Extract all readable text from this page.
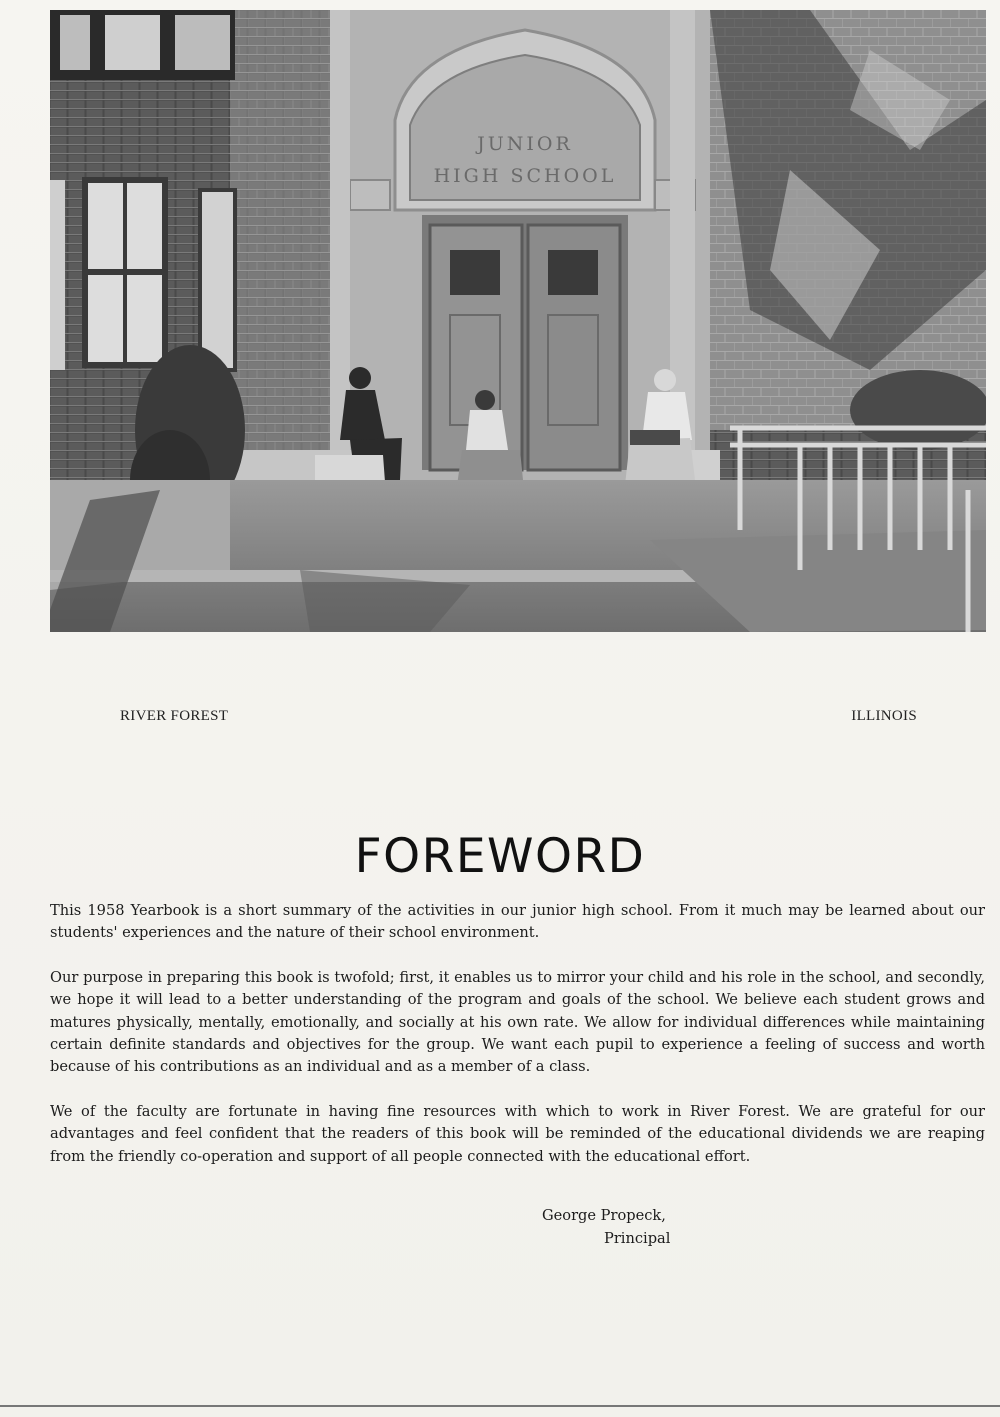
JUNIOR
HIGH SCHOOL
RIVER FOREST	ILLINOIS
FOREWORD

This 1958 Yearbook is a short summary of the activities in our junior high school. From it much may be learned about our students' experiences and the nature of their school environment.

Our purpose in preparing this book is twofold; first, it enables us to mirror your child and his role in the school, and secondly, we hope it will lead to a better understanding of the program and goals of the school. We believe each student grows and matures physically, mentally, emotionally, and socially at his own rate. We allow for individual differences while maintaining certain definite standards and objectives for the group. We want each pupil to experience a feeling of success and worth because of his contributions as an individual and as a member of a class.

We of the faculty are fortunate in having fine resources with which to work in River Forest. We are grateful for our advantages and feel confident that the readers of this book will be reminded of the educational dividends we are reaping from the friendly co-operation and support of all people connected with the educational effort.

George Propeck,
Principal
